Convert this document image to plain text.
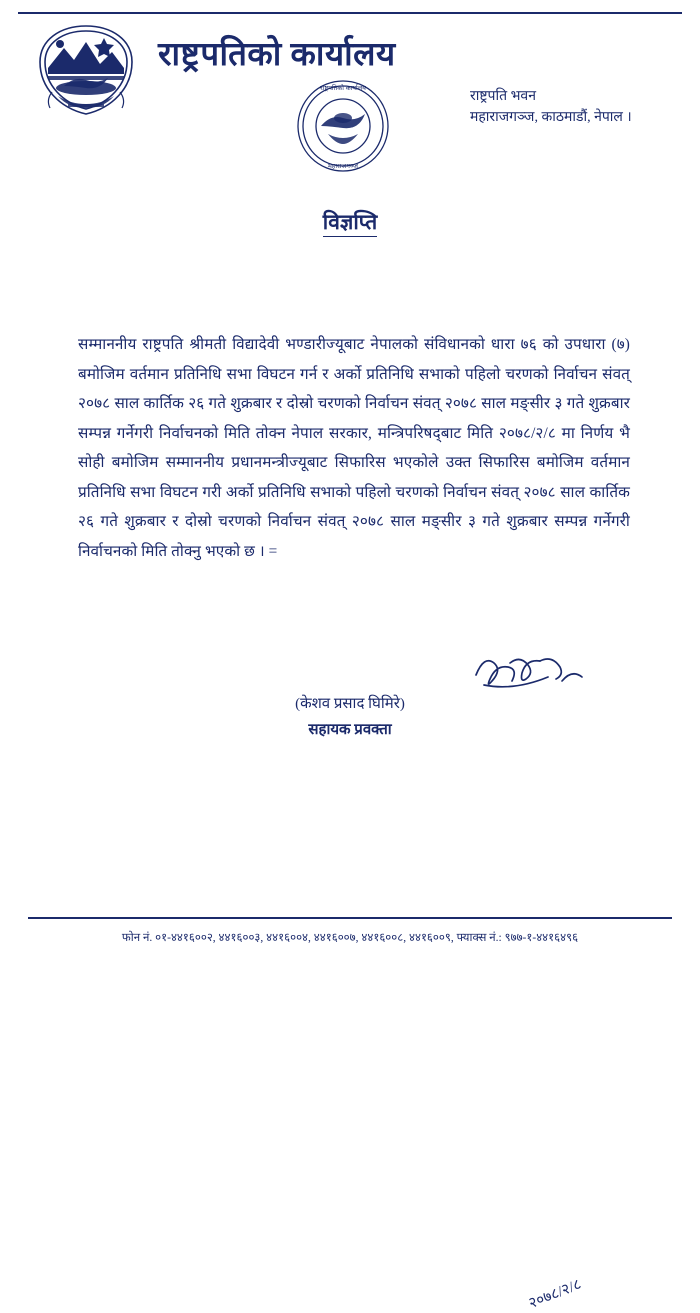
राष्ट्रपतिको कार्यालय
राष्ट्रपतिको कार्यालय
महाराजगञ्ज
राष्ट्रपति भवन
महाराजगञ्ज, काठमाडौं, नेपाल ।
विज्ञप्ति
सम्माननीय राष्ट्रपति श्रीमती विद्यादेवी भण्डारीज्यूबाट नेपालको संविधानको धारा ७६ को उपधारा (७) बमोजिम वर्तमान प्रतिनिधि सभा विघटन गर्न र अर्काे प्रतिनिधि सभाको पहिलो चरणको निर्वाचन संवत् २०७८ साल कार्तिक २६ गते शुक्रबार र दोस्रो चरणको निर्वाचन संवत् २०७८ साल मङ्सीर ३ गते शुक्रबार सम्पन्न गर्नेगरी निर्वाचनको मिति तोक्न नेपाल सरकार, मन्त्रिपरिषद्‌बाट मिति २०७८/२/८ मा निर्णय भै सोही बमोजिम सम्माननीय प्रधानमन्त्रीज्यूबाट सिफारिस भएकोले उक्त सिफारिस बमोजिम वर्तमान प्रतिनिधि सभा विघटन गरी अर्काे प्रतिनिधि सभाको पहिलो चरणको निर्वाचन संवत् २०७८ साल कार्तिक २६ गते शुक्रबार र दोस्रो चरणको निर्वाचन संवत् २०७८ साल मङ्सीर ३ गते शुक्रबार सम्पन्न गर्नेगरी निर्वाचनको मिति तोक्नु भएको छ । =
२०७८/२/८
(केशव प्रसाद घिमिरे)
सहायक प्रवक्ता
फोन नं. ०१-४४१६००२, ४४१६००३, ४४१६००४, ४४१६००७, ४४१६००८, ४४१६००९, फ्याक्स नं.: ९७७-१-४४१६४९६
